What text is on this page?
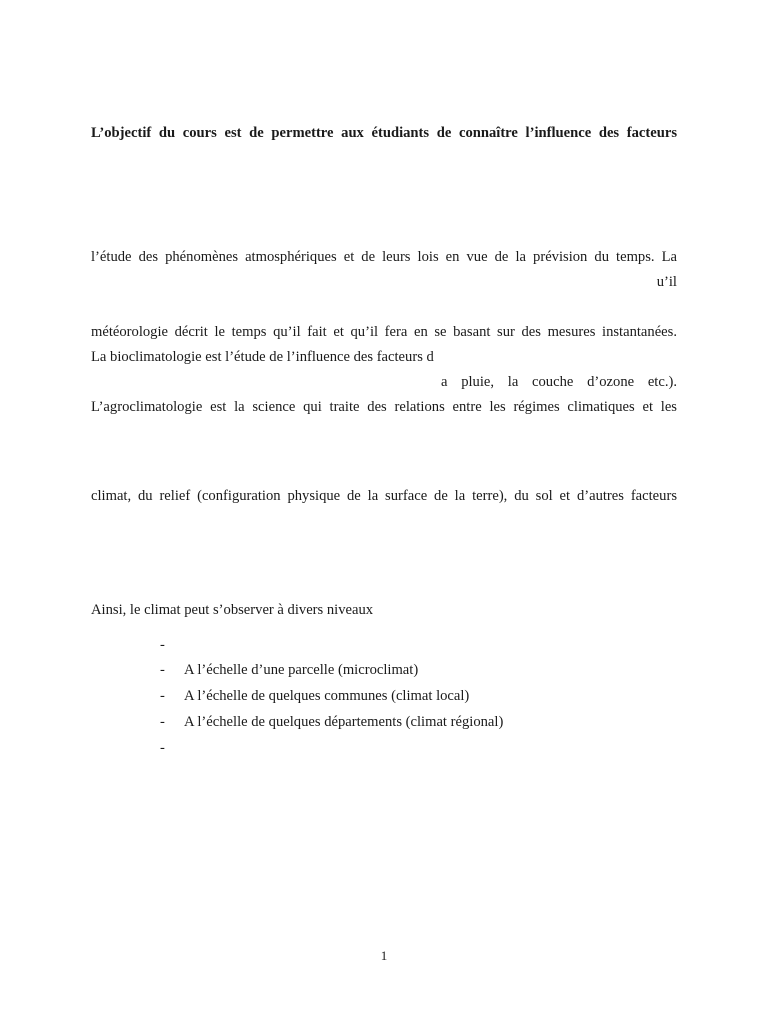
L’objectif du cours est de permettre aux étudiants de connaître l’influence des facteurs
l’étude des phénomènes atmosphériques et de leurs lois en vue de la prévision du temps. La
u’il
météorologie décrit le temps qu’il fait et qu’il fera en se basant sur des mesures instantanées.
La bioclimatologie est l’étude de l’influence des facteurs d
a pluie, la couche d’ozone etc.).
L’agroclimatologie est la science qui traite des relations entre les régimes climatiques et les
climat, du relief (configuration physique de la surface de la terre), du sol et d’autres facteurs
Ainsi, le climat peut s’observer à divers niveaux
-
- A l’échelle d’une parcelle (microclimat)
- A l’échelle de quelques communes (climat local)
- A l’échelle de quelques départements (climat régional)
-
1
